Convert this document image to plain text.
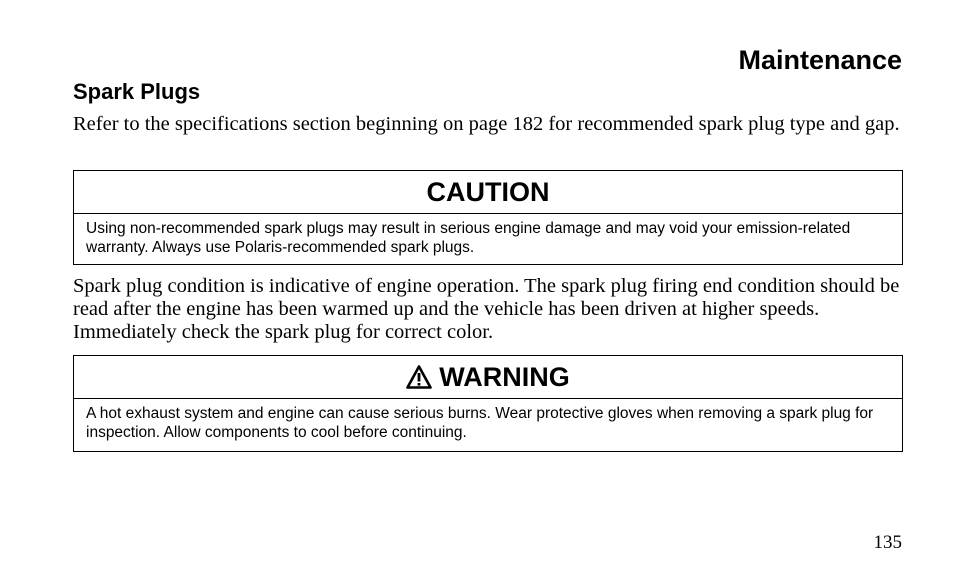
Maintenance
Spark Plugs

Refer to the specifications section beginning on page 182 for recommended spark plug type and gap.

CAUTION
Using non-recommended spark plugs may result in serious engine damage and may void your emission-related warranty. Always use Polaris-recommended spark plugs.

Spark plug condition is indicative of engine operation. The spark plug firing end condition should be read after the engine has been warmed up and the vehicle has been driven at higher speeds. Immediately check the spark plug for correct color.

WARNING
A hot exhaust system and engine can cause serious burns. Wear protective gloves when removing a spark plug for inspection. Allow components to cool before continuing.

135
